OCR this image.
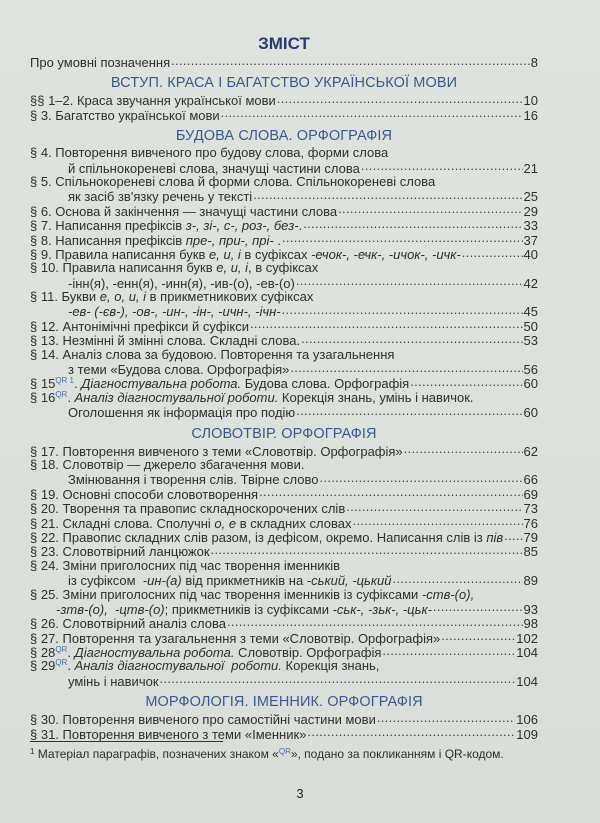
ЗМІСТ
Про умовні позначення .....	8
ВСТУП. КРАСА І БАГАТСТВО УКРАЇНСЬКОЇ МОВИ
§§ 1–2. Краса звучання української мови .....	10
§ 3. Багатство української мови .....	16
БУДОВА СЛОВА. ОРФОГРАФІЯ
§ 4. Повторення вивченого про будову слова, форми слова
й спільнокореневі слова, значущі частини слова .....	21
§ 5. Спільнокореневі слова й форми слова. Спільнокореневі слова
як засіб зв'язку речень у тексті .....	25
§ 6. Основа й закінчення — значущі частини слова .....	29
§ 7. Написання префіксів з-, зі-, с-, роз-, без-. .....	33
§ 8. Написання префіксів пре-, при-, прі- . .....	37
§ 9. Правила написання букв е, и, і в суфіксах -ечок-, -ечк-, -ичок-, -ичк- .....	40
§ 10. Правила написання букв е, и, і, в суфіксах
-інн(я), -енн(я), -инн(я), -ив-(о), -ев-(о) .....	42
§ 11. Букви е, о, и, і в прикметникових суфіксах
-ев- (-єв-), -ов-, -ин-, -ін-, -ичн-, -ічн- .....	45
§ 12. Антонімічні префікси й суфікси .....	50
§ 13. Незмінні й змінні слова. Складні слова. .....	53
§ 14. Аналіз слова за будовою. Повторення та узагальнення
з теми «Будова слова. Орфографія» .....	56
§ $15^{QR 1}$. Діагностувальна робота. Будова слова. Орфографія .....	60
§ $16^{QR}$. Аналіз діагностувальної роботи. Корекція знань, умінь і навичок.
Оголошення як інформація про подію .....	60
СЛОВОТВІР. ОРФОГРАФІЯ
§ 17. Повторення вивченого з теми «Словотвір. Орфографія» .....	62
§ 18. Словотвір — джерело збагачення мови.
Змінювання і творення слів. Твірне слово .....	66
§ 19. Основні способи словотворення .....	69
§ 20. Творення та правопис складноскорочених слів .....	73
§ 21. Складні слова. Сполучні о, е в складних словах .....	76
§ 22. Правопис складних слів разом, із дефісом, окремо. Написання слів із пів ..... 79
§ 23. Словотвірний ланцюжок .....	85
§ 24. Зміни приголосних під час творення іменників
із суфіксом  -ин-(а) від прикметників на -ський, -цький .....	89
§ 25. Зміни приголосних під час творення іменників із суфіксами -ств-(о),
-зтв-(о),  -цтв-(о); прикметників із суфіксами -ськ-, -зьк-, -цьк- .....	93
§ 26. Словотвірний аналіз слова .....	98
§ 27. Повторення та узагальнення з теми «Словотвір. Орфографія» .....	102
§ $28^{QR}$. Діагностувальна робота. Словотвір. Орфографія .....	104
§ $29^{QR}$. Аналіз діагностувальної  роботи. Корекція знань,
умінь і навичок .....	104
МОРФОЛОГІЯ. ІМЕННИК. ОРФОГРАФІЯ
§ 30. Повторення вивченого про самостійні частини мови .....	106
§ 31. Повторення вивченого з теми «Іменник» .....	109
$^1$ Матеріал параграфів, позначених знаком «$^{QR}$», подано за покликанням і QR-кодом.
3
